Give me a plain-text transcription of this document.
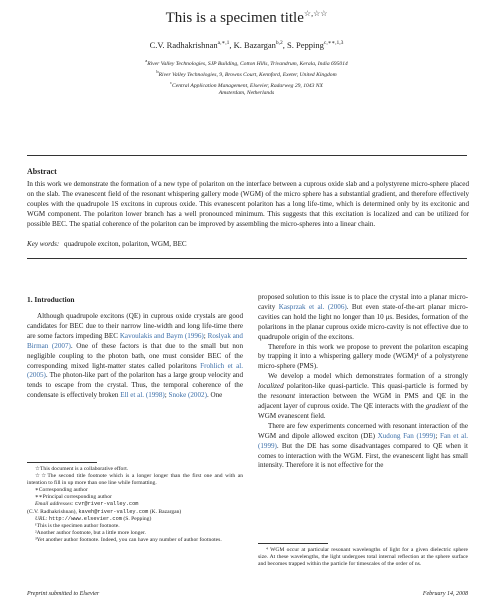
This is a specimen title☆,☆☆
C.V. Radhakrishnan$^{a,∗,1}$, K. Bazargan$^{b,2}$, S. Pepping$^{c,∗∗,1,3}$
$^a$River Valley Technologies, SJP Building, Cotton Hills, Trivandrum, Kerala, India 695014
$^b$River Valley Technologies, 9, Browns Court, Kennford, Exeter, United Kingdom
$^c$Central Application Management, Elsevier, Radarweg 29, 1043 NX
Amsterdam, Netherlands
Abstract
In this work we demonstrate the formation of a new type of polariton on the interface between a cuprous oxide slab and a polystyrene micro-sphere placed on the slab. The evanescent field of the resonant whispering gallery mode (WGM) of the micro sphere has a substantial gradient, and therefore effectively couples with the quadrupole 1S excitons in cuprous oxide. This evanescent polariton has a long life-time, which is determined only by its excitonic and WGM component. The polariton lower branch has a well pronounced minimum. This suggests that this excitation is localized and can be utilized for possible BEC. The spatial coherence of the polariton can be improved by assembling the micro-spheres into a linear chain.
Key words: quadrupole exciton, polariton, WGM, BEC
1. Introduction

Although quadrupole excitons (QE) in cuprous oxide crystals are good candidates for BEC due to their narrow line-width and long life-time there are some factors impeding BEC Kavoulakis and Baym (1996); Roslyak and Birman (2007). One of these factors is that due to the small but non negligible coupling to the photon bath, one must consider BEC of the corresponding mixed light-matter states called polaritons Frohlich et al. (2005). The photon-like part of the polariton has a large group velocity and tends to escape from the crystal. Thus, the temporal coherence of the condensate is effectively broken Ell et al. (1998); Snoke (2002). One

proposed solution to this issue is to place the crystal into a planar micro-cavity Kasprzak et al. (2006). But even state-of-the-art planar micro-cavities can hold the light no longer than 10 μs. Besides, formation of the polaritons in the planar cuprous oxide micro-cavity is not effective due to quadrupole origin of the excitons.

Therefore in this work we propose to prevent the polariton escaping by trapping it into a whispering gallery mode (WGM)⁴ of a polystyrene micro-sphere (PMS).

We develop a model which demonstrates formation of a strongly localized polariton-like quasi-particle. This quasi-particle is formed by the resonant interaction between the WGM in PMS and QE in the adjacent layer of cuprous oxide. The QE interacts with the gradient of the WGM evanescent field.

There are few experiments concerned with resonant interaction of the WGM and dipole allowed exciton (DE) Xudong Fan (1999); Fan et al. (1999). But the DE has some disadvantages compared to QE when it comes to interaction with the WGM. First, the evanescent light has small intensity. Therefore it is not effective for the

☆This document is a collaborative effort.
☆☆The second title footnote which is a longer longer than the first one and with an intention to fill in up more than one line while formatting.
∗Corresponding author
∗∗Principal corresponding author
Email addresses: cvr@river-valley.com
(C.V. Radhakrishnan), kaveh@river-valley.com (K. Bazargan)
URL: http://www.elsevier.com (S. Pepping)
¹This is the specimen author footnote.
²Another author footnote, but a little more longer.
³Yet another author footnote. Indeed, you can have any number of author footnotes.
⁴ WGM occur at particular resonant wavelengths of light for a given dielectric sphere size. At these wavelengths, the light undergoes total internal reflection at the sphere surface and becomes trapped within the particle for timescales of the order of ns.
Preprint submitted to Elsevier	February 14, 2008
